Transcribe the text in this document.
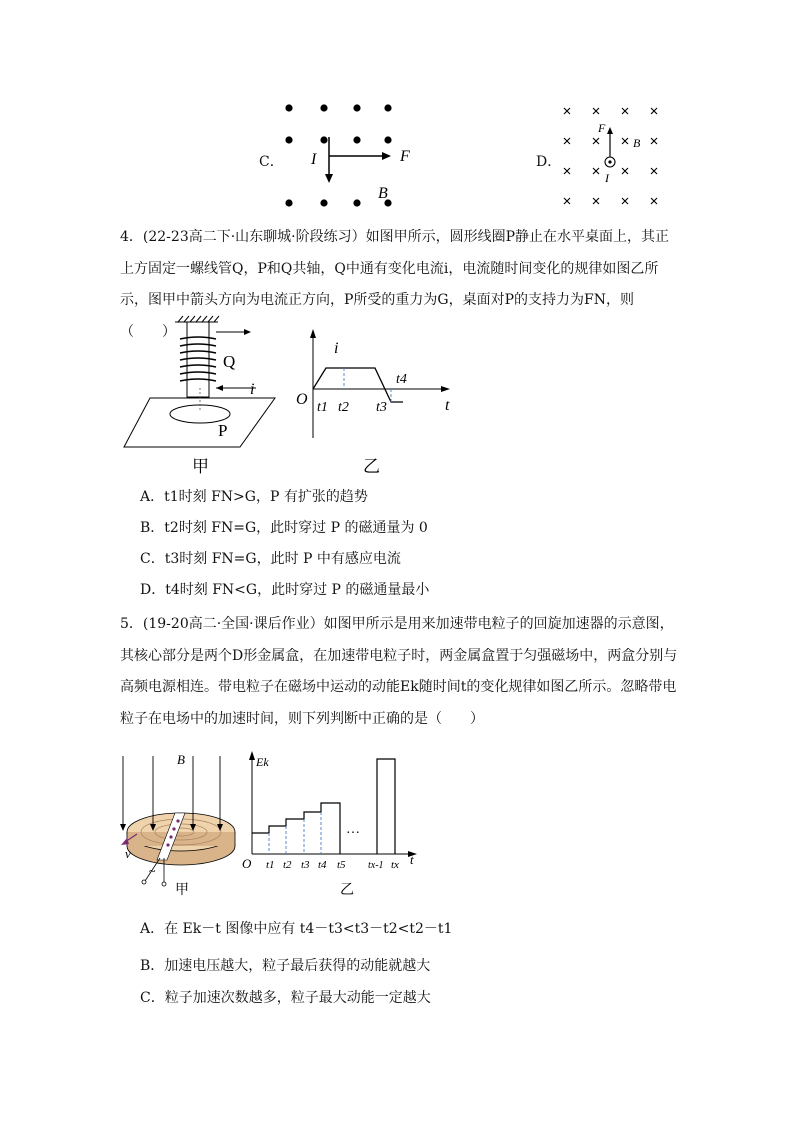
C． I	F
B
D．
F
B
I
4．(22-23高二下·山东聊城·阶段练习）如图甲所示，圆形线圈P静止在水平桌面上，其正上方固定一螺线管Q，P和Q共轴，Q中通有变化电流i，电流随时间变化的规律如图乙所示，图甲中箭头方向为电流正方向，P所受的重力为G，桌面对P的支持力为FN，则（　　）
Q
i
P
甲
i
O	t
t1 t2 t3
t4
乙
A．t1时刻 FN>G，P 有扩张的趋势
B．t2时刻 FN=G，此时穿过 P 的磁通量为 0
C．t3时刻 FN=G，此时 P 中有感应电流
D．t4时刻 FN<G，此时穿过 P 的磁通量最小
5．(19-20高二·全国·课后作业）如图甲所示是用来加速带电粒子的回旋加速器的示意图，其核心部分是两个D形金属盒，在加速带电粒子时，两金属盒置于匀强磁场中，两盒分别与高频电源相连。带电粒子在磁场中运动的动能Ek随时间t的变化规律如图乙所示。忽略带电粒子在电场中的加速时间，则下列判断中正确的是（　　）
B
v
~
甲
…
Ek
O	t
t1 t2 t3 t4 t5 tx-1 tx
乙
A．在 Ek－t 图像中应有 t4－t3<t3－t2<t2－t1
B．加速电压越大，粒子最后获得的动能就越大
C．粒子加速次数越多，粒子最大动能一定越大
